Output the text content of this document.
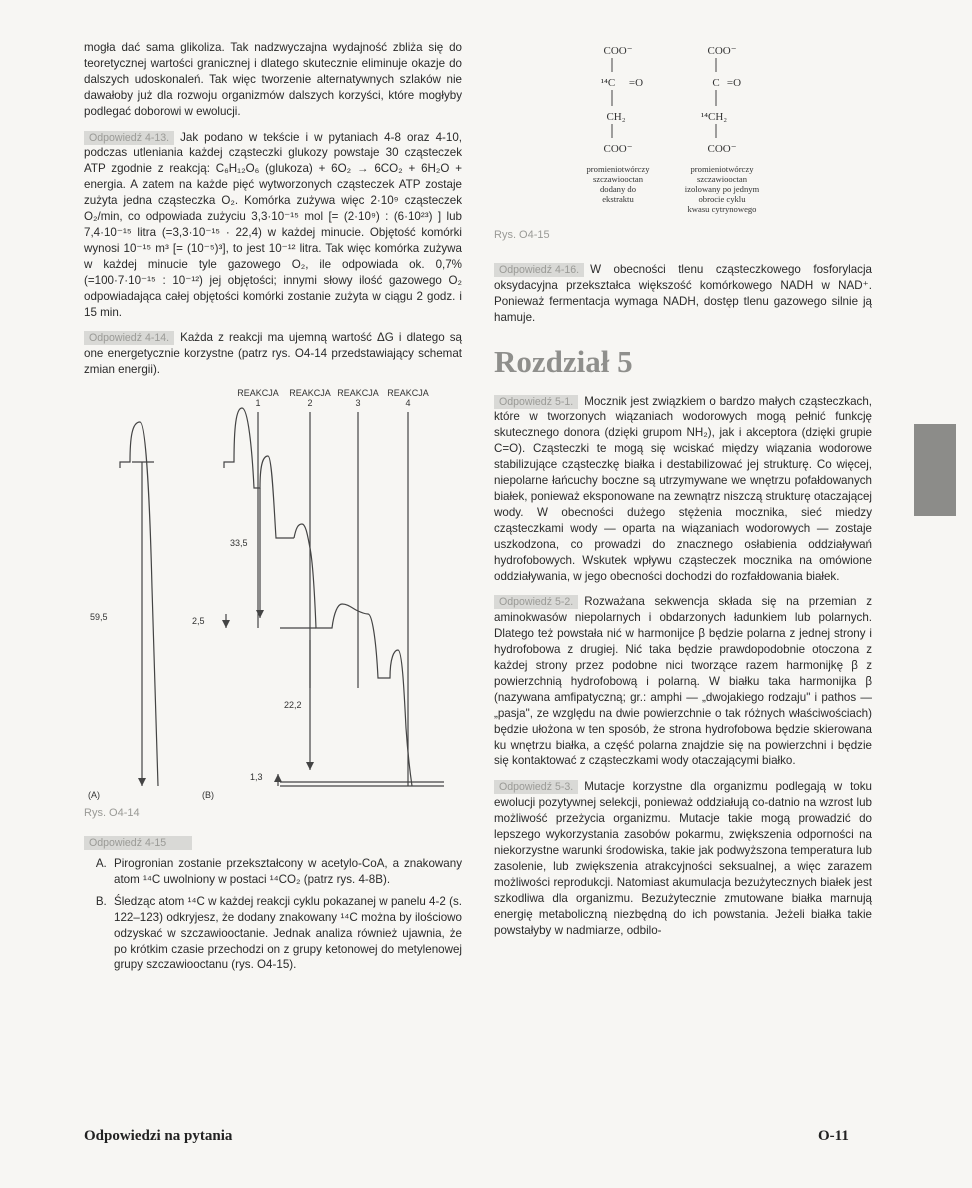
mogła dać sama glikoliza. Tak nadzwyczajna wydajność zbliża się do teoretycznej wartości granicznej i dlatego skutecznie eliminuje okazje do dalszych udoskonaleń. Tak więc tworzenie alternatywnych szlaków nie dawałoby już dla rozwoju organizmów dalszych korzyści, które mogłyby podlegać doborowi w ewolucji.

Odpowiedź 4-13. Jak podano w tekście i w pytaniach 4-8 oraz 4-10, podczas utleniania każdej cząsteczki glukozy powstaje 30 cząsteczek ATP zgodnie z reakcją: C₆H₁₂O₆ (glukoza) + 6O₂ → 6CO₂ + 6H₂O + energia. A zatem na każde pięć wytworzonych cząsteczek ATP zostaje zużyta jedna cząsteczka O₂. Komórka zużywa więc 2·10⁹ cząsteczek O₂/min, co odpowiada zużyciu 3,3·10⁻¹⁵ mol [= (2·10⁹) : (6·10²³) ] lub 7,4·10⁻¹⁵ litra (=3,3·10⁻¹⁵ · 22,4) w każdej minucie. Objętość komórki wynosi 10⁻¹⁵ m³ [= (10⁻⁵)³], to jest 10⁻¹² litra. Tak więc komórka zużywa w każdej minucie tyle gazowego O₂, ile odpowiada ok. 0,7% (=100·7·10⁻¹⁵ : 10⁻¹²) jej objętości; innymi słowy ilość gazowego O₂ odpowiadająca całej objętości komórki zostanie zużyta w ciągu 2 godz. i 15 min.

Odpowiedź 4-14. Każda z reakcji ma ujemną wartość ΔG i dlatego są one energetycznie korzystne (patrz rys. O4-14 przedstawiający schemat zmian energii).

REAKCJA 1
REAKCJA 2
REAKCJA 3
REAKCJA 4
59,5
33,5
2,5
22,2
1,3
(A)	(B)
Rys. O4-14
Odpowiedź 4-15
A. Pirogronian zostanie przekształcony w acetylo-CoA, a znakowany atom ¹⁴C uwolniony w postaci ¹⁴CO₂ (patrz rys. 4-8B).
B. Śledząc atom ¹⁴C w każdej reakcji cyklu pokazanej w panelu 4-2 (s. 122–123) odkryjesz, że dodany znakowany ¹⁴C można by ilościowo odzyskać w szczawiooctanie. Jednak analiza również ujawnia, że po krótkim czasie przechodzi on z grupy ketonowej do metylenowej grupy szczawiooctanu (rys. O4-15).
COO⁻
¹⁴C =O
CH₂
COO⁻
COO⁻
C =O
¹⁴CH₂
COO⁻
promieniotwórczy szczawiooctan dodany do ekstraktu
promieniotwórczy szczawiooctan izolowany po jednym obrocie cyklu kwasu cytrynowego
Rys. O4-15

Odpowiedź 4-16. W obecności tlenu cząsteczkowego fosforylacja oksydacyjna przekształca większość komórkowego NADH w NAD⁺. Ponieważ fermentacja wymaga NADH, dostęp tlenu gazowego silnie ją hamuje.

Rozdział 5

Odpowiedź 5-1. Mocznik jest związkiem o bardzo małych cząsteczkach, które w tworzonych wiązaniach wodorowych mogą pełnić funkcję skutecznego donora (dzięki grupom NH₂), jak i akceptora (dzięki grupie C=O). Cząsteczki te mogą się wciskać między wiązania wodorowe stabilizujące cząsteczkę białka i destabilizować jej strukturę. Co więcej, niepolarne łańcuchy boczne są utrzymywane we wnętrzu pofałdowanych białek, ponieważ eksponowane na zewnątrz niszczą strukturę otaczającej wody. W obecności dużego stężenia mocznika, sieć miedzy cząsteczkami wody — oparta na wiązaniach wodorowych — zostaje uszkodzona, co prowadzi do znacznego osłabienia oddziaływań hydrofobowych. Wskutek wpływu cząsteczek mocznika na omówione oddziaływania, w jego obecności dochodzi do rozfałdowania białek.

Odpowiedź 5-2. Rozważana sekwencja składa się na przemian z aminokwasów niepolarnych i obdarzonych ładunkiem lub polarnych. Dlatego też powstała nić w harmonijce β będzie polarna z jednej strony i hydrofobowa z drugiej. Nić taka będzie prawdopodobnie otoczona z każdej strony przez podobne nici tworzące razem harmonijkę β z powierzchnią hydrofobową i polarną. W białku taka harmonijka β (nazywana amfipatyczną; gr.: amphi — „dwojakiego rodzaju" i pathos — „pasja", ze względu na dwie powierzchnie o tak różnych właściwościach) będzie ułożona w ten sposób, że strona hydrofobowa będzie skierowana ku wnętrzu białka, a część polarna znajdzie się na powierzchni i będzie się kontaktować z cząsteczkami wody otaczającymi białko.

Odpowiedź 5-3. Mutacje korzystne dla organizmu podlegają w toku ewolucji pozytywnej selekcji, ponieważ oddziałują co-datnio na wzrost lub możliwość przeżycia organizmu. Mutacje takie mogą prowadzić do lepszego wykorzystania zasobów pokarmu, zwiększenia odporności na niekorzystne warunki środowiska, takie jak podwyższona temperatura lub zasolenie, lub zwiększenia atrakcyjności seksualnej, a więc zarazem możliwości reprodukcji. Natomiast akumulacja bezużytecznych białek jest szkodliwa dla organizmu. Bezużytecznie zmutowane białka marnują energię metaboliczną niezbędną do ich powstania. Jeżeli białka takie powstałyby w nadmiarze, odbilo-

Odpowiedzi na pytania	O-11
